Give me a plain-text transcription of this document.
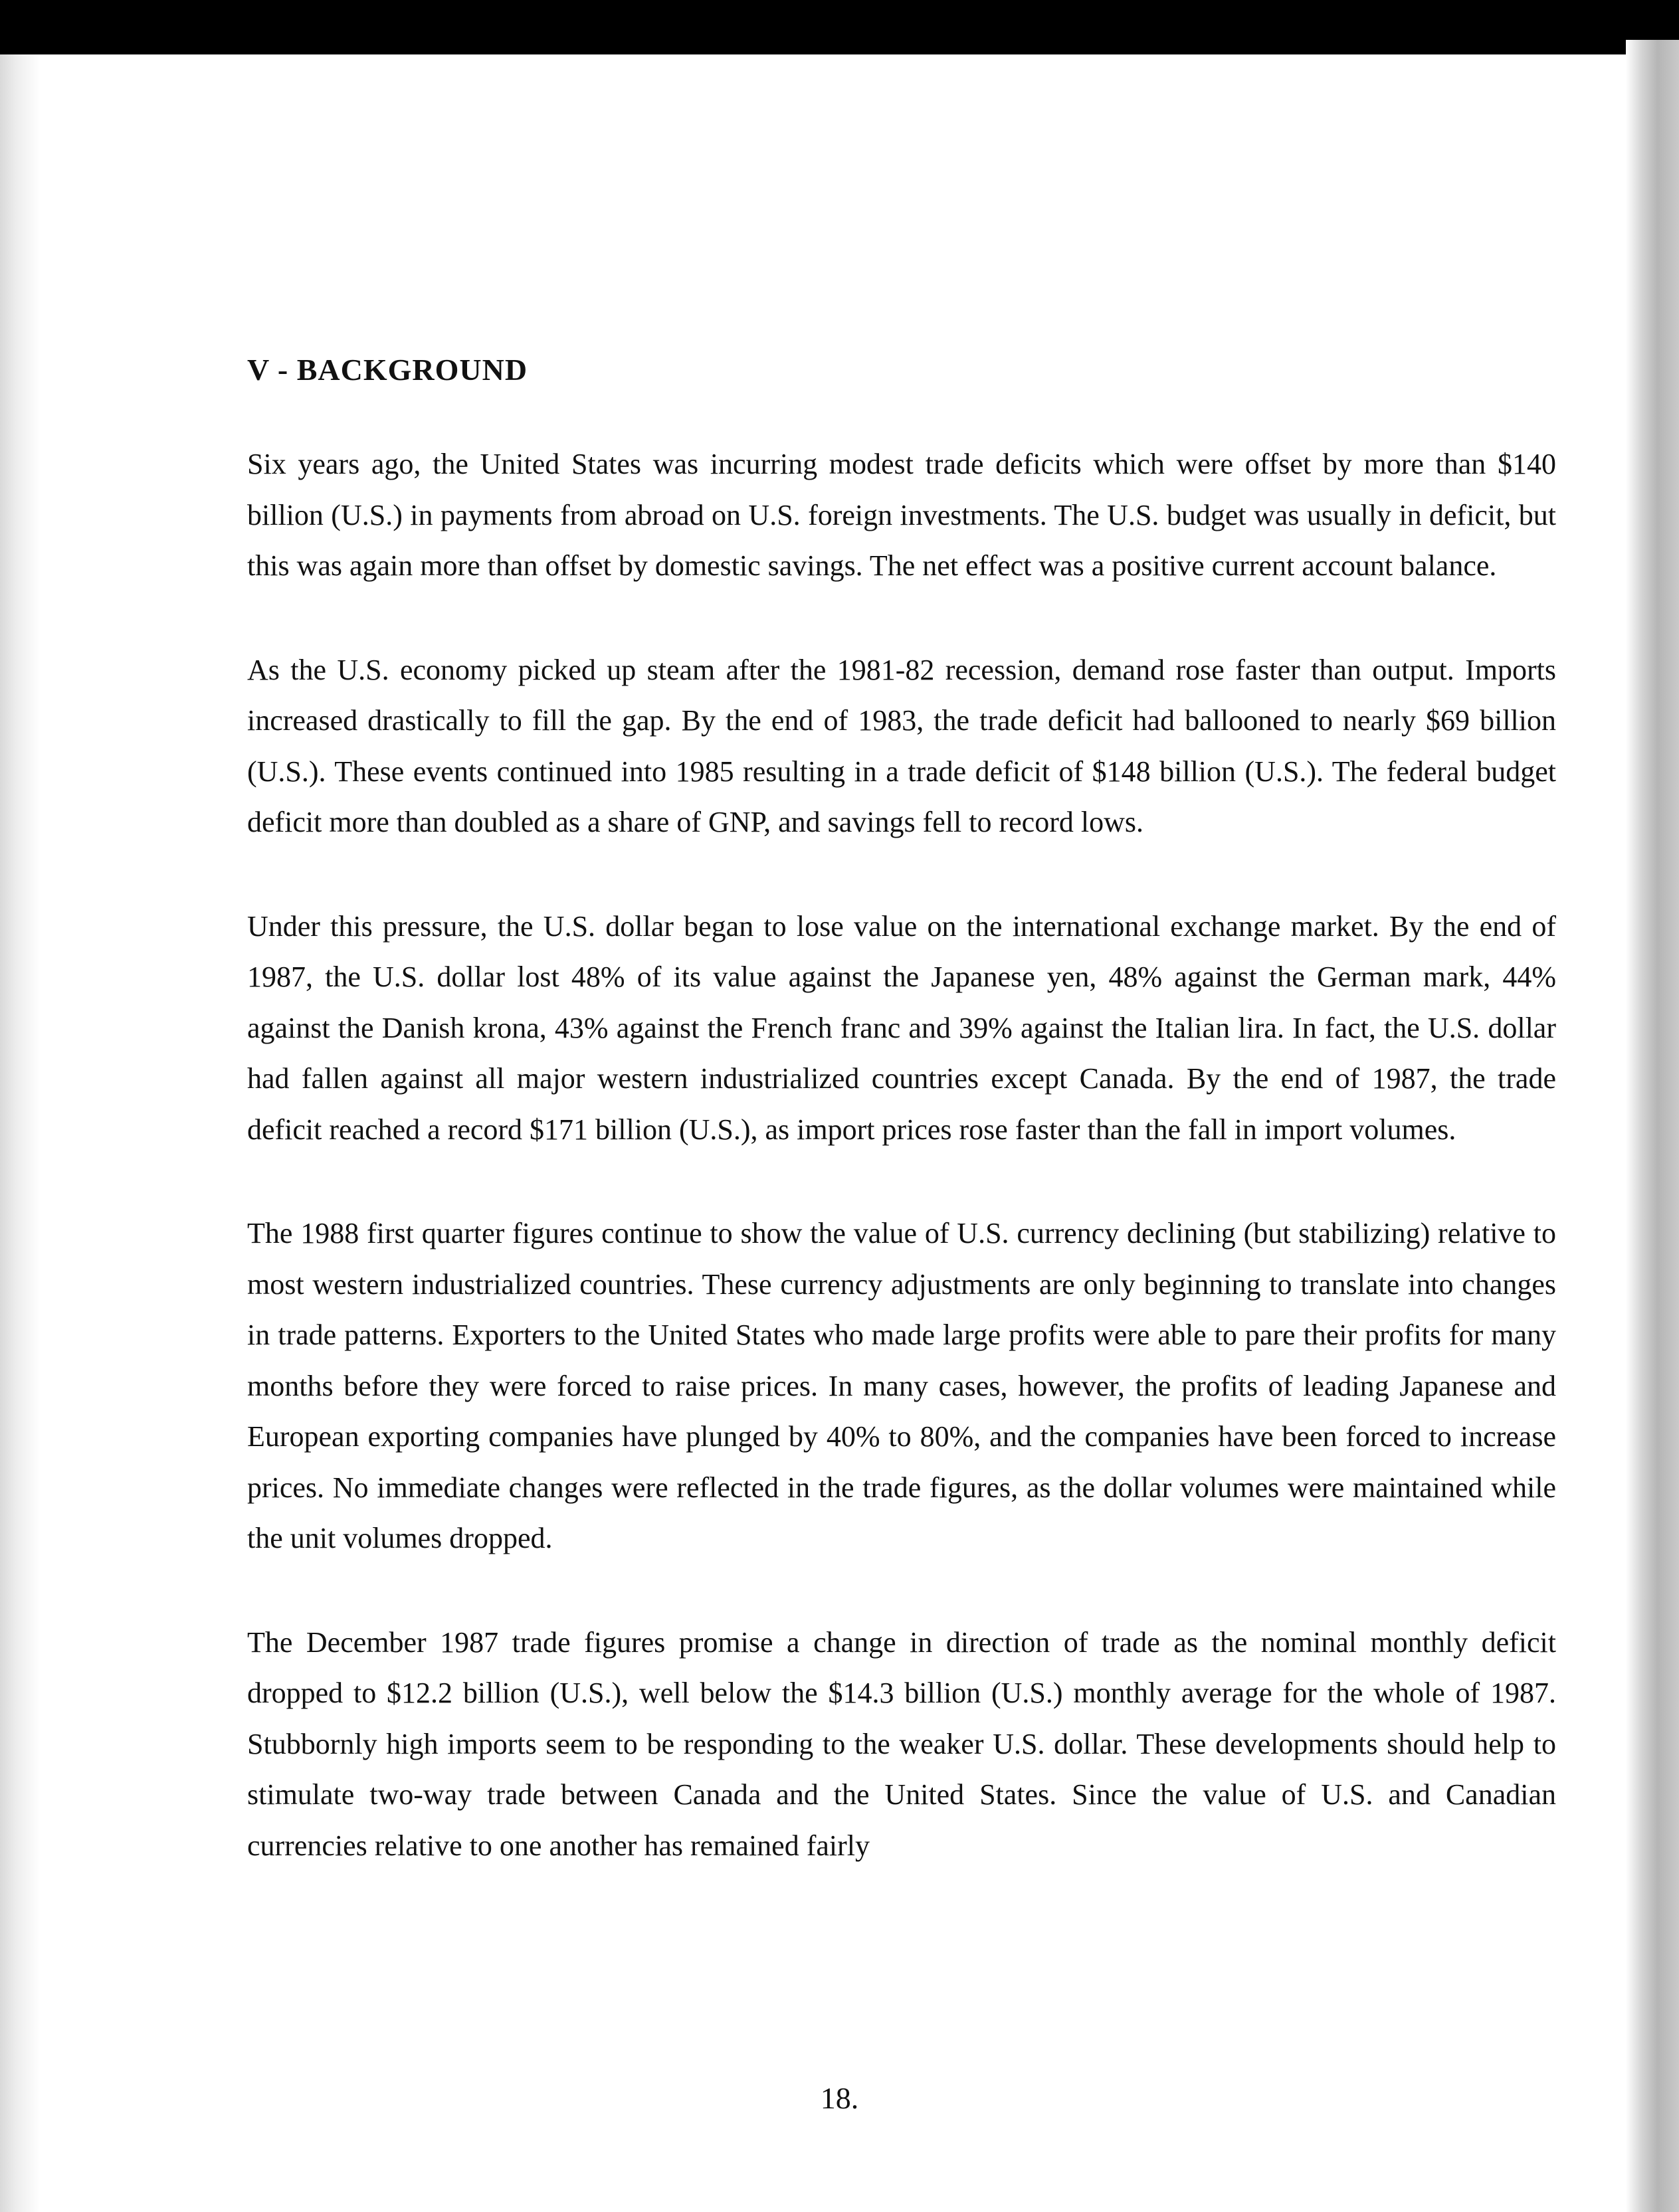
V - BACKGROUND

Six years ago, the United States was incurring modest trade deficits which were offset by more than $140 billion (U.S.) in payments from abroad on U.S. foreign investments. The U.S. budget was usually in deficit, but this was again more than offset by domestic savings. The net effect was a positive current account balance.

As the U.S. economy picked up steam after the 1981-82 recession, demand rose faster than output. Imports increased drastically to fill the gap. By the end of 1983, the trade deficit had ballooned to nearly $69 billion (U.S.). These events continued into 1985 resulting in a trade deficit of $148 billion (U.S.). The federal budget deficit more than doubled as a share of GNP, and savings fell to record lows.

Under this pressure, the U.S. dollar began to lose value on the international exchange market. By the end of 1987, the U.S. dollar lost 48% of its value against the Japanese yen, 48% against the German mark, 44% against the Danish krona, 43% against the French franc and 39% against the Italian lira. In fact, the U.S. dollar had fallen against all major western industrialized countries except Canada. By the end of 1987, the trade deficit reached a record $171 billion (U.S.), as import prices rose faster than the fall in import volumes.

The 1988 first quarter figures continue to show the value of U.S. currency declining (but stabilizing) relative to most western industrialized countries. These currency adjustments are only beginning to translate into changes in trade patterns. Exporters to the United States who made large profits were able to pare their profits for many months before they were forced to raise prices. In many cases, however, the profits of leading Japanese and European exporting companies have plunged by 40% to 80%, and the companies have been forced to increase prices. No immediate changes were reflected in the trade figures, as the dollar volumes were maintained while the unit volumes dropped.

The December 1987 trade figures promise a change in direction of trade as the nominal monthly deficit dropped to $12.2 billion (U.S.), well below the $14.3 billion (U.S.) monthly average for the whole of 1987. Stubbornly high imports seem to be responding to the weaker U.S. dollar. These developments should help to stimulate two-way trade between Canada and the United States. Since the value of U.S. and Canadian currencies relative to one another has remained fairly

18.
